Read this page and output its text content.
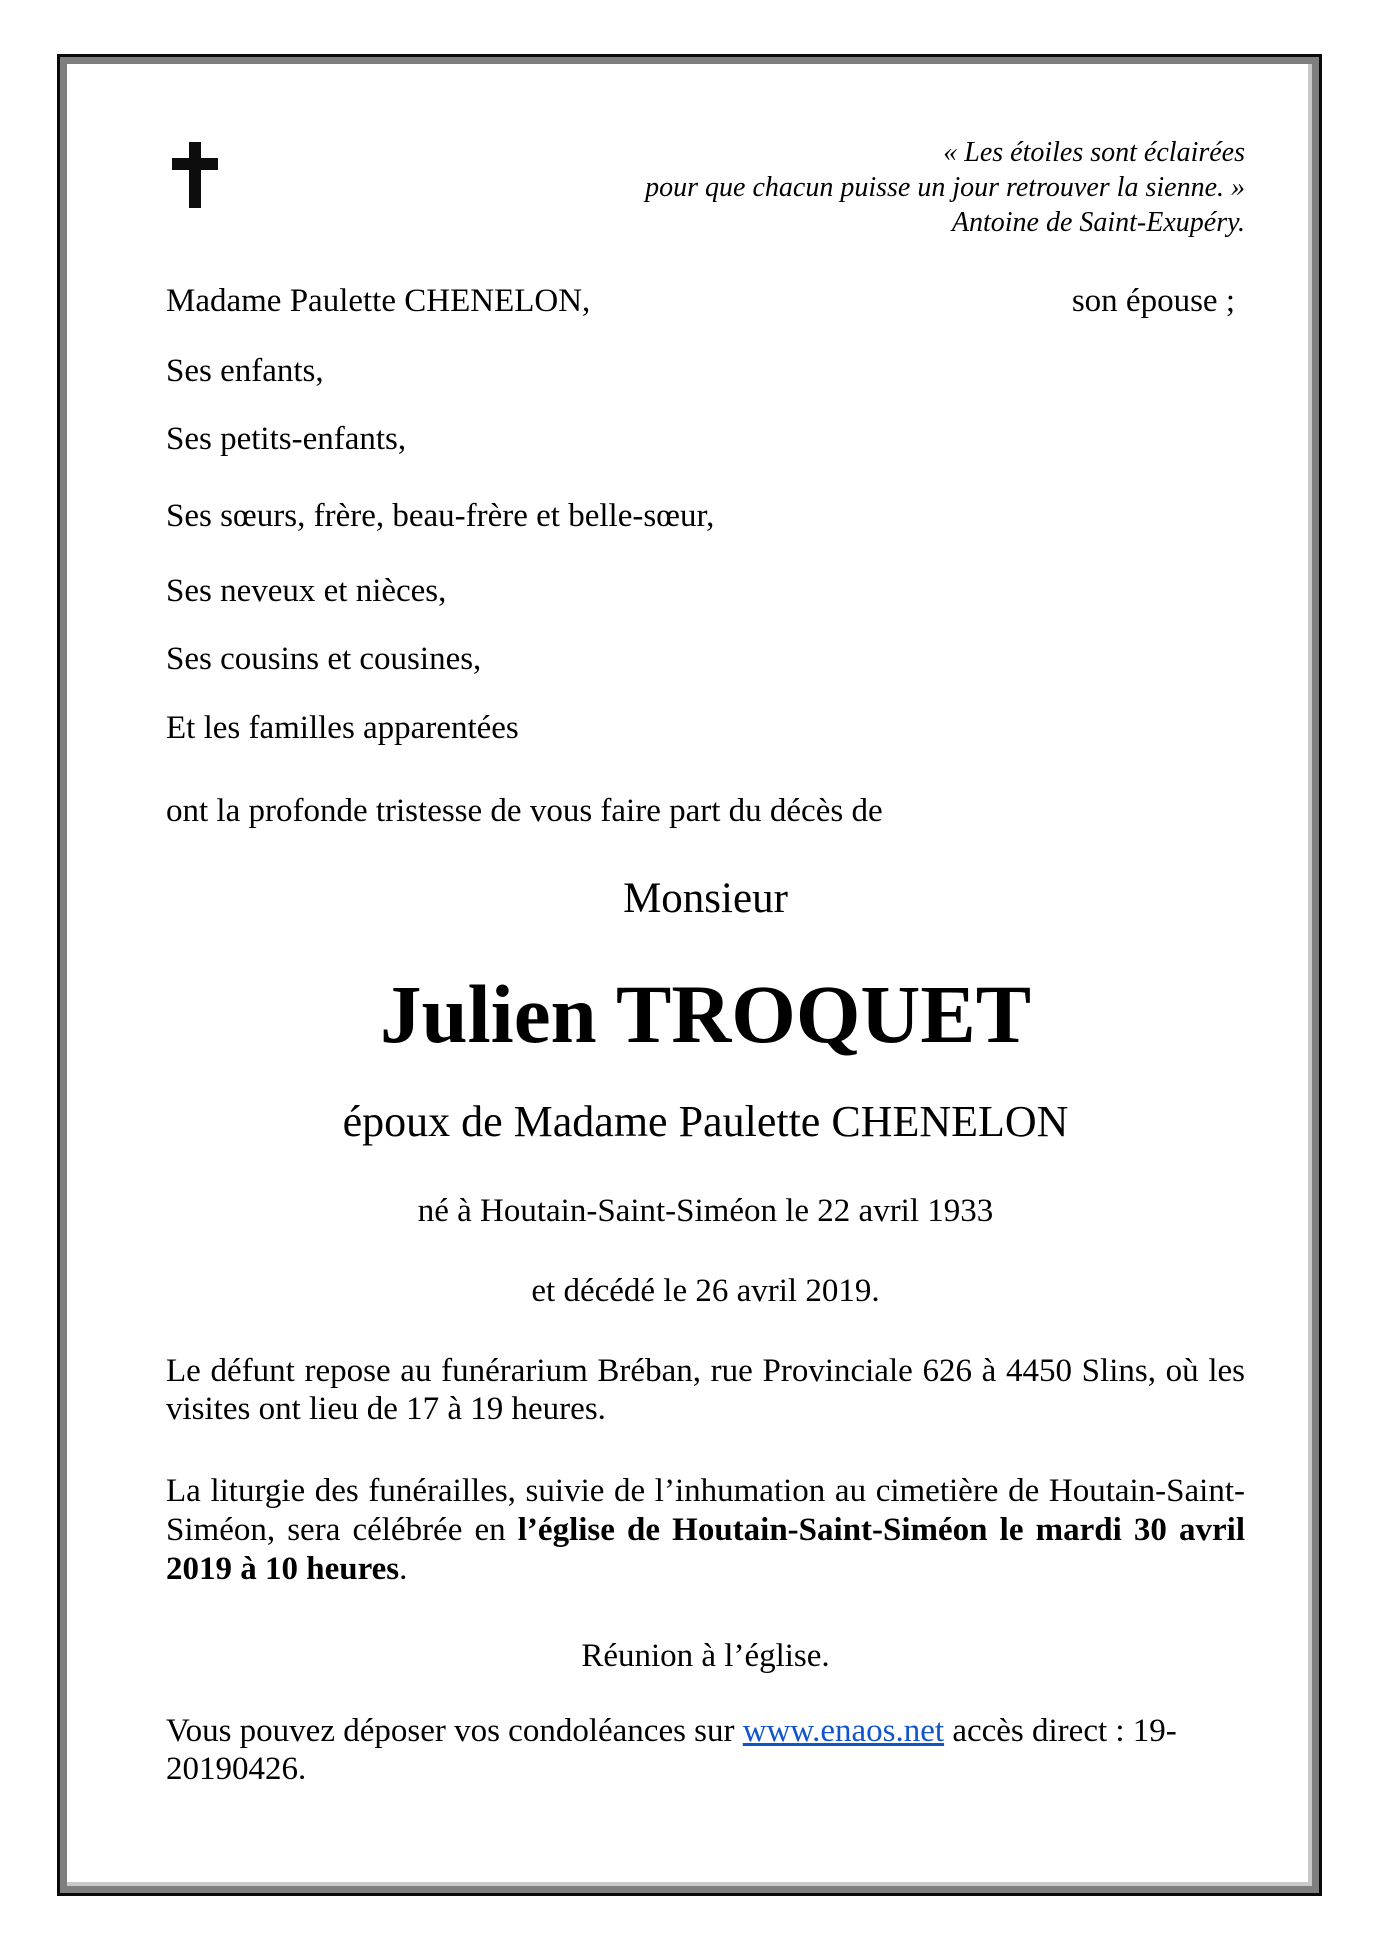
« Les étoiles sont éclairées
pour que chacun puisse un jour retrouver la sienne. »
Antoine de Saint-Exupéry.
Madame Paulette CHENELON,	son épouse ;
Ses enfants,
Ses petits-enfants,
Ses sœurs, frère, beau-frère et belle-sœur,
Ses neveux et nièces,
Ses cousins et cousines,
Et les familles apparentées
ont la profonde tristesse de vous faire part du décès de
Monsieur
Julien TROQUET
époux de Madame Paulette CHENELON
né à Houtain-Saint-Siméon le 22 avril 1933
et décédé le 26 avril 2019.

Le défunt repose au funérarium Bréban, rue Provinciale 626 à 4450 Slins, où les visites ont lieu de 17 à 19 heures.

La liturgie des funérailles, suivie de l’inhumation au cimetière de Houtain-Saint-Siméon, sera célébrée en l’église de Houtain-Saint-Siméon le mardi 30 avril 2019 à 10 heures.

Réunion à l’église.

Vous pouvez déposer vos condoléances sur www.enaos.net accès direct : 19-20190426.
